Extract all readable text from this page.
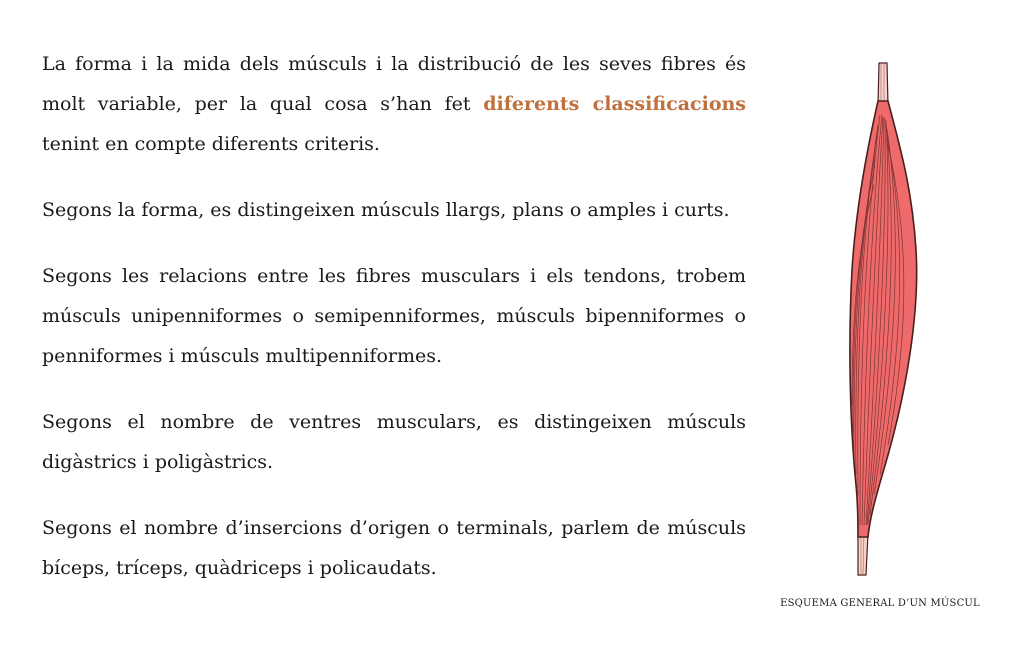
La forma i la mida dels músculs i la distribució de les seves fibres és molt variable, per la qual cosa s’han fet diferents classificacions tenint en compte diferents criteris.

Segons la forma, es distingeixen músculs llargs, plans o amples i curts.

Segons les relacions entre les fibres musculars i els tendons, trobem músculs unipenniformes o semipenniformes, músculs bipenniformes o penniformes i músculs multipenniformes.

Segons el nombre de ventres musculars, es distingeixen músculs digàstrics i poligàstrics.

Segons el nombre d’insercions d’origen o terminals, parlem de músculs bíceps, tríceps, quàdriceps i policaudats.

ESQUEMA GENERAL D’UN MÚSCUL
